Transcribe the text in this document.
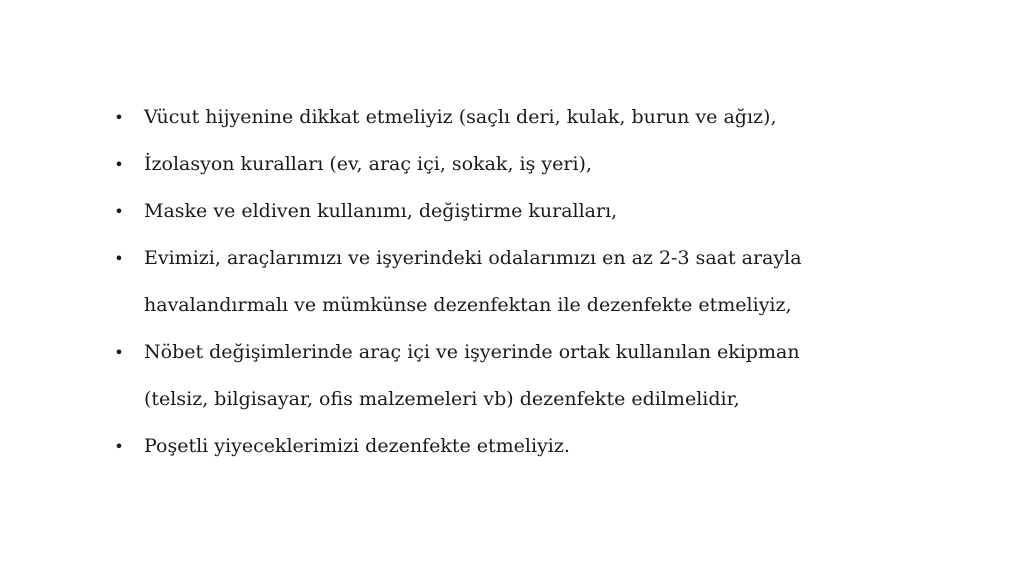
• Vücut hijyenine dikkat etmeliyiz (saçlı deri, kulak, burun ve ağız),
• İzolasyon kuralları (ev, araç içi, sokak, iş yeri),
• Maske ve eldiven kullanımı, değiştirme kuralları,
• Evimizi, araçlarımızı ve işyerindeki odalarımızı en az 2-3 saat arayla
havalandırmalı ve mümkünse dezenfektan ile dezenfekte etmeliyiz,
• Nöbet değişimlerinde araç içi ve işyerinde ortak kullanılan ekipman
(telsiz, bilgisayar, ofis malzemeleri vb) dezenfekte edilmelidir,
• Poşetli yiyeceklerimizi dezenfekte etmeliyiz.
